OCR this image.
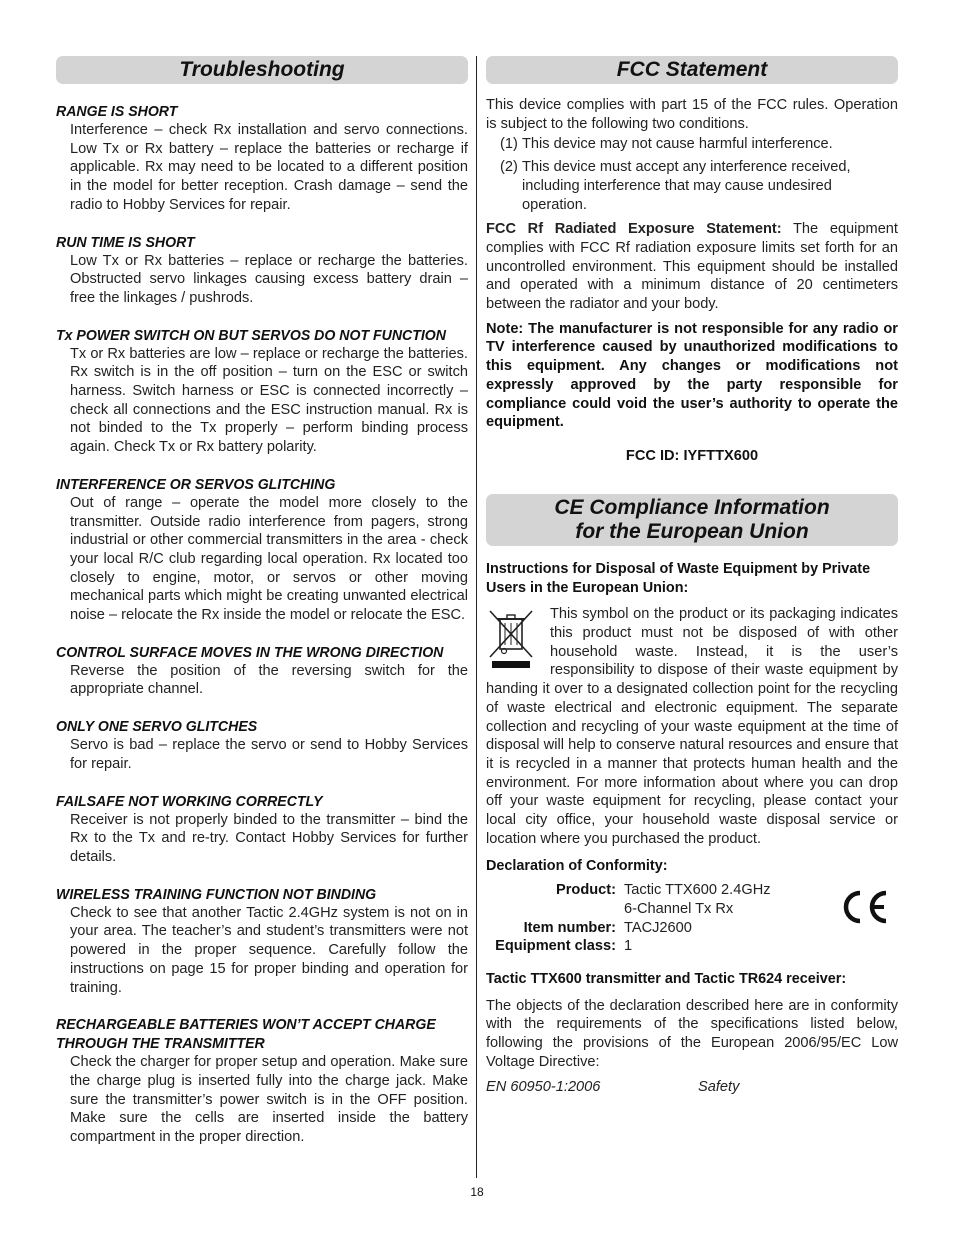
Troubleshooting
RANGE IS SHORT
Interference – check Rx installation and servo connections. Low Tx or Rx battery – replace the batteries or recharge if applicable. Rx may need to be located to a different position in the model for better reception. Crash damage – send the radio to Hobby Services for repair.
RUN TIME IS SHORT
Low Tx or Rx batteries – replace or recharge the batteries. Obstructed servo linkages causing excess battery drain – free the linkages / pushrods.
Tx POWER SWITCH ON BUT SERVOS DO NOT FUNCTION
Tx or Rx batteries are low – replace or recharge the batteries. Rx switch is in the off position – turn on the ESC or switch harness. Switch harness or ESC is connected incorrectly – check all connections and the ESC instruction manual. Rx is not binded to the Tx properly – perform binding process again. Check Tx or Rx battery polarity.
INTERFERENCE OR SERVOS GLITCHING
Out of range – operate the model more closely to the transmitter. Outside radio interference from pagers, strong industrial or other commercial transmitters in the area - check your local R/C club regarding local operation. Rx located too closely to engine, motor, or servos or other moving mechanical parts which might be creating unwanted electrical noise – relocate the Rx inside the model or relocate the ESC.
CONTROL SURFACE MOVES IN THE WRONG DIRECTION
Reverse the position of the reversing switch for the appropriate channel.
ONLY ONE SERVO GLITCHES
Servo is bad – replace the servo or send to Hobby Services for repair.
FAILSAFE NOT WORKING CORRECTLY
Receiver is not properly binded to the transmitter – bind the Rx to the Tx and re-try. Contact Hobby Services for further details.
WIRELESS TRAINING FUNCTION NOT BINDING
Check to see that another Tactic 2.4GHz system is not on in your area. The teacher’s and student’s transmitters were not powered in the proper sequence. Carefully follow the instructions on page 15 for proper binding and operation for training.
RECHARGEABLE BATTERIES WON’T ACCEPT CHARGE THROUGH THE TRANSMITTER
Check the charger for proper setup and operation. Make sure the charge plug is inserted fully into the charge jack. Make sure the transmitter’s power switch is in the OFF position. Make sure the cells are inserted inside the battery compartment in the proper direction.
FCC Statement
This device complies with part 15 of the FCC rules. Operation is subject to the following two conditions.
(1) This device may not cause harmful interference.
(2) This device must accept any interference received, including interference that may cause undesired operation.
FCC Rf Radiated Exposure Statement: The equipment complies with FCC Rf radiation exposure limits set forth for an uncontrolled environment. This equipment should be installed and operated with a minimum distance of 20 centimeters between the radiator and your body.
Note: The manufacturer is not responsible for any radio or TV interference caused by unauthorized modifications to this equipment. Any changes or modifications not expressly approved by the party responsible for compliance could void the user’s authority to operate the equipment.
FCC ID: IYFTTX600
CE Compliance Information
for the European Union
Instructions for Disposal of Waste Equipment by Private Users in the European Union:
This symbol on the product or its packaging indicates this product must not be disposed of with other household waste. Instead, it is the user’s responsibility to dispose of their waste equipment by handing it over to a designated collection point for the recycling of waste electrical and electronic equipment. The separate collection and recycling of your waste equipment at the time of disposal will help to conserve natural resources and ensure that it is recycled in a manner that protects human health and the environment. For more information about where you can drop off your waste equipment for recycling, please contact your local city office, your household waste disposal service or location where you purchased the product.
Declaration of Conformity:
Product:

Item number:
Equipment class:
Tactic TTX600 2.4GHz
6-Channel Tx Rx
TACJ2600
1
Tactic TTX600 transmitter and Tactic TR624 receiver:
The objects of the declaration described here are in conformity with the requirements of the specifications listed below, following the provisions of the European 2006/95/EC Low Voltage Directive:
EN 60950-1:2006	Safety
18
